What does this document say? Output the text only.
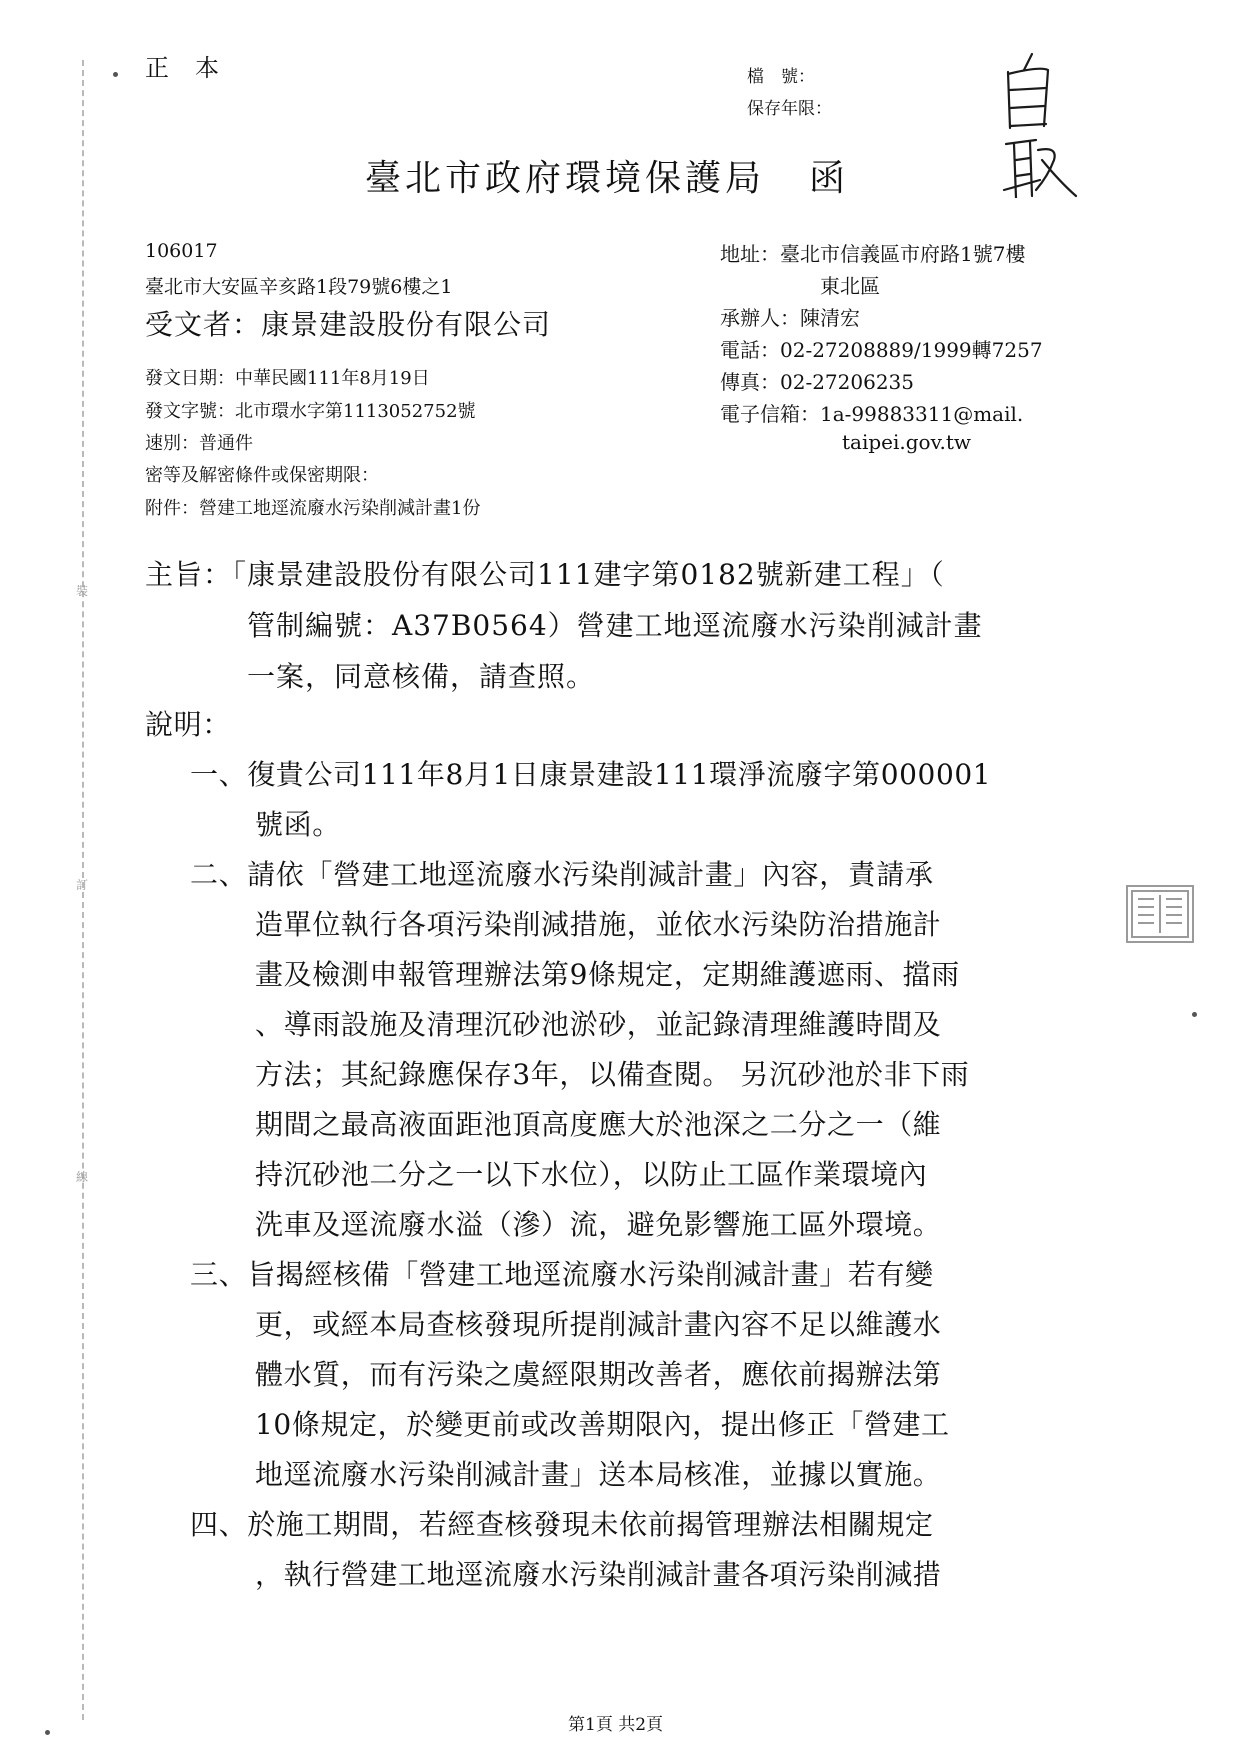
裝
訂
線
正本	檔　號：
保存年限：
臺北市政府環境保護局 函
106017
臺北市大安區辛亥路1段79號6樓之1
受文者：康景建設股份有限公司
地址：臺北市信義區市府路1號7樓
東北區
承辦人：陳清宏
電話：02-27208889/1999轉7257
傳真：02-27206235
電子信箱：1a-99883311@mail.
taipei.gov.tw
發文日期：中華民國111年8月19日
發文字號：北市環水字第1113052752號
速別：普通件
密等及解密條件或保密期限：
附件：營建工地逕流廢水污染削減計畫1份
主旨：「康景建設股份有限公司111建字第0182號新建工程」（
管制編號：A37B0564）營建工地逕流廢水污染削減計畫
一案，同意核備，請查照。
說明：
一、復貴公司111年8月1日康景建設111環淨流廢字第000001
號函。
二、請依「營建工地逕流廢水污染削減計畫」內容，責請承
造單位執行各項污染削減措施，並依水污染防治措施計
畫及檢測申報管理辦法第9條規定，定期維護遮雨、擋雨
、導雨設施及清理沉砂池淤砂，並記錄清理維護時間及
方法；其紀錄應保存3年，以備查閱。 另沉砂池於非下雨
期間之最高液面距池頂高度應大於池深之二分之一（維
持沉砂池二分之一以下水位），以防止工區作業環境內
洗車及逕流廢水溢（滲）流，避免影響施工區外環境。
三、旨揭經核備「營建工地逕流廢水污染削減計畫」若有變
更，或經本局查核發現所提削減計畫內容不足以維護水
體水質，而有污染之虞經限期改善者，應依前揭辦法第
10條規定，於變更前或改善期限內，提出修正「營建工
地逕流廢水污染削減計畫」送本局核准，並據以實施。
四、於施工期間，若經查核發現未依前揭管理辦法相關規定
，執行營建工地逕流廢水污染削減計畫各項污染削減措
第1頁 共2頁
